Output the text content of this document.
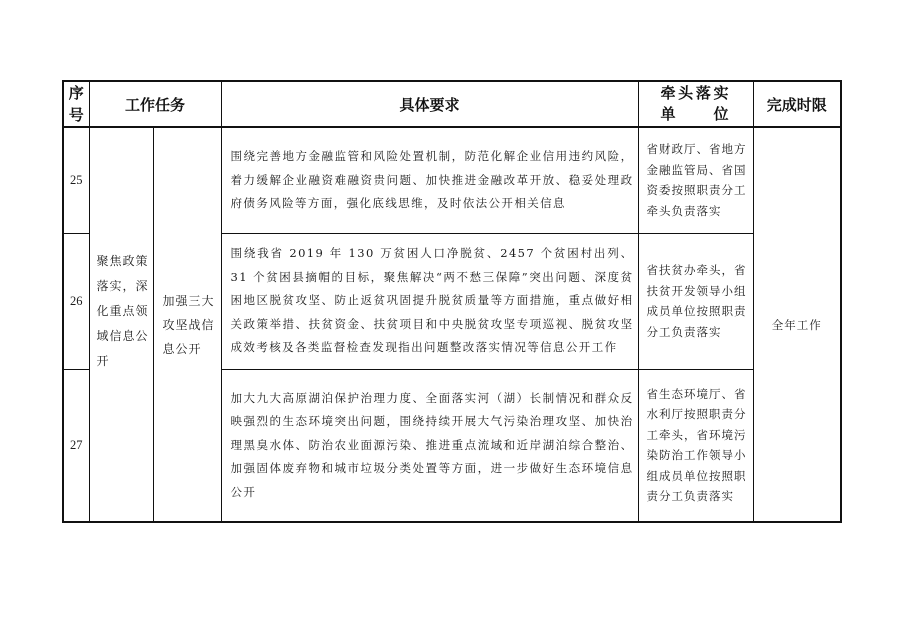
序号	工作任务		具体要求	牵头落实单位	完成时限
25	聚焦政策落实，深化重点领域信息公开	加强三大攻坚战信息公开	围绕完善地方金融监管和风险处置机制，防范化解企业信用违约风险，着力缓解企业融资难融资贵问题、加快推进金融改革开放、稳妥处理政府债务风险等方面，强化底线思维，及时依法公开相关信息	省财政厅、省地方金融监管局、省国资委按照职责分工牵头负责落实	全年工作

26			围绕我省 2019 年 130 万贫困人口净脱贫、2457 个贫困村出列、31 个贫困县摘帽的目标，聚焦解决“两不愁三保障”突出问题、深度贫困地区脱贫攻坚、防止返贫巩固提升脱贫质量等方面措施，重点做好相关政策举措、扶贫资金、扶贫项目和中央脱贫攻坚专项巡视、脱贫攻坚成效考核及各类监督检查发现指出问题整改落实情况等信息公开工作	省扶贫办牵头，省扶贫开发领导小组成员单位按照职责分工负责落实	

27			加大九大高原湖泊保护治理力度、全面落实河（湖）长制情况和群众反映强烈的生态环境突出问题，围绕持续开展大气污染治理攻坚、加快治理黑臭水体、防治农业面源污染、推进重点流域和近岸湖泊综合整治、加强固体废弃物和城市垃圾分类处置等方面，进一步做好生态环境信息公开	省生态环境厅、省水利厅按照职责分工牵头，省环境污染防治工作领导小组成员单位按照职责分工负责落实	
